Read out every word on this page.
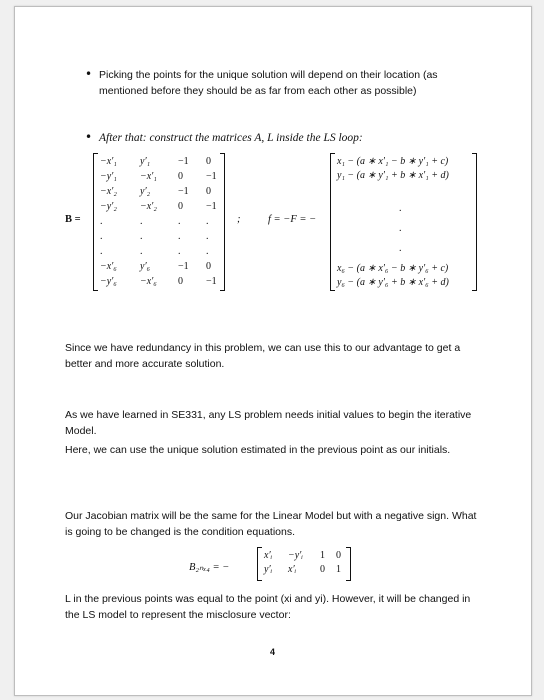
• Picking the points for the unique solution will depend on their location (as mentioned before they should be as far from each other as possible)
• After that: construct the matrices A, L inside the LS loop:
B =
−x′₁ y′₁	−1 0
−y′₁ −x′₁ 0 −1
−x′₂ y′₂	−1 0
−y′₂ −x′₂ 0 −1
.	.	.	.
.	.	.	.
.	.	.	.
−x′₆ y′₆	−1 0
−y′₆ −x′₆ 0 −1
;	f = −F = −
x₁ − (a ∗ x′₁ − b ∗ y′₁ + c)
y₁ − (a ∗ y′₁ + b ∗ x′₁ + d)
.
.
.
x₆ − (a ∗ x′₆ − b ∗ y′₆ + c)
y₆ − (a ∗ y′₆ + b ∗ x′₆ + d)
Since we have redundancy in this problem, we can use this to our advantage to get a better and more accurate solution.
As we have learned in SE331, any LS problem needs initial values to begin the iterative Model.
Here, we can use the unique solution estimated in the previous point as our initials.
Our Jacobian matrix will be the same for the Linear Model but with a negative sign. What is going to be changed is the condition equations.
B₂ₙₓ₄ = −
x′ᵢ −y′ᵢ 1 0
y′ᵢ x′ᵢ 0 1
L in the previous points was equal to the point (xi and yi). However, it will be changed in the LS model to represent the misclosure vector:
4
